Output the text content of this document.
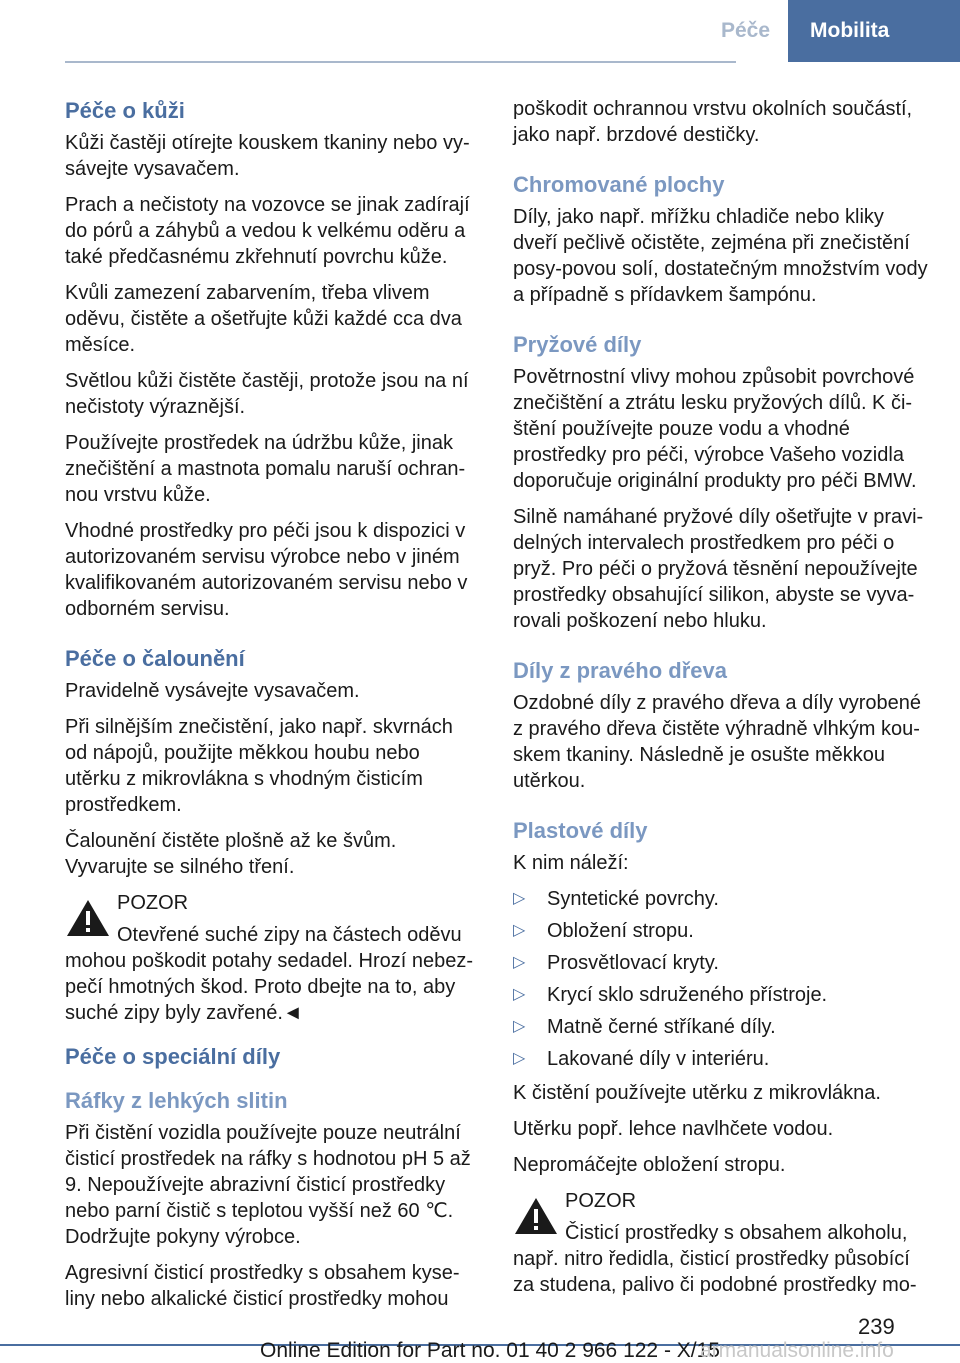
Péče	Mobilita
Péče o kůži

Kůži častěji otírejte kouskem tkaniny nebo vy‐sávejte vysavačem.

Prach a nečistoty na vozovce se jinak zadírají do pórů a záhybů a vedou k velkému oděru a také předčasnému zkřehnutí povrchu kůže.

Kvůli zamezení zabarvením, třeba vlivem oděvu, čistěte a ošetřujte kůži každé cca dva měsíce.

Světlou kůži čistěte častěji, protože jsou na ní nečistoty výraznější.

Používejte prostředek na údržbu kůže, jinak znečištění a mastnota pomalu naruší ochran‐nou vrstvu kůže.

Vhodné prostředky pro péči jsou k dispozici v autorizovaném servisu výrobce nebo v jiném kvalifikovaném autorizovaném servisu nebo v odborném servisu.

Péče o čalounění

Pravidelně vysávejte vysavačem.

Při silnějším znečistění, jako např. skvrnách od nápojů, použijte měkkou houbu nebo utěrku z mikrovlákna s vhodným čisticím prostředkem.

Čalounění čistěte plošně až ke švům. Vyvarujte se silného tření.

POZOR
Otevřené suché zipy na částech oděvu
mohou poškodit potahy sedadel. Hrozí nebez‐pečí hmotných škod. Proto dbejte na to, aby suché zipy byly zavřené.◄
Péče o speciální díly
Ráfky z lehkých slitin

Při čistění vozidla používejte pouze neutrální čisticí prostředek na ráfky s hodnotou pH 5 až 9. Nepoužívejte abrazivní čisticí prostředky nebo parní čistič s teplotou vyšší než 60 ℃. Dodržujte pokyny výrobce.

Agresivní čisticí prostředky s obsahem kyse‐liny nebo alkalické čisticí prostředky mohou

poškodit ochrannou vrstvu okolních součástí, jako např. brzdové destičky.

Chromované plochy

Díly, jako např. mřížku chladiče nebo kliky dveří pečlivě očistěte, zejména při znečistění posy‐povou solí, dostatečným množstvím vody a případně s přídavkem šampónu.

Pryžové díly

Povětrnostní vlivy mohou způsobit povrchové znečištění a ztrátu lesku pryžových dílů. K či‐štění používejte pouze vodu a vhodné prostředky pro péči, výrobce Vašeho vozidla doporučuje originální produkty pro péči BMW.

Silně namáhané pryžové díly ošetřujte v pravi‐delných intervalech prostředkem pro péči o pryž. Pro péči o pryžová těsnění nepoužívejte prostředky obsahující silikon, abyste se vyva‐rovali poškození nebo hluku.

Díly z pravého dřeva

Ozdobné díly z pravého dřeva a díly vyrobené z pravého dřeva čistěte výhradně vlhkým kou‐skem tkaniny. Následně je osušte měkkou utěrkou.

Plastové díly

K nim náleží:

▷	Syntetické povrchy.
▷	Obložení stropu.
▷	Prosvětlovací kryty.
▷	Krycí sklo sdruženého přístroje.
▷	Matně černé stříkané díly.
▷	Lakované díly v interiéru.

K čistění používejte utěrku z mikrovlákna.

Utěrku popř. lehce navlhčete vodou.

Nepromáčejte obložení stropu.

POZOR
Čisticí prostředky s obsahem alkoholu,
např. nitro ředidla, čisticí prostředky působící za studena, palivo či podobné prostředky mo‐
239
Online Edition for Part no. 01 40 2 966 122 - X/15
armanualsonline.info
